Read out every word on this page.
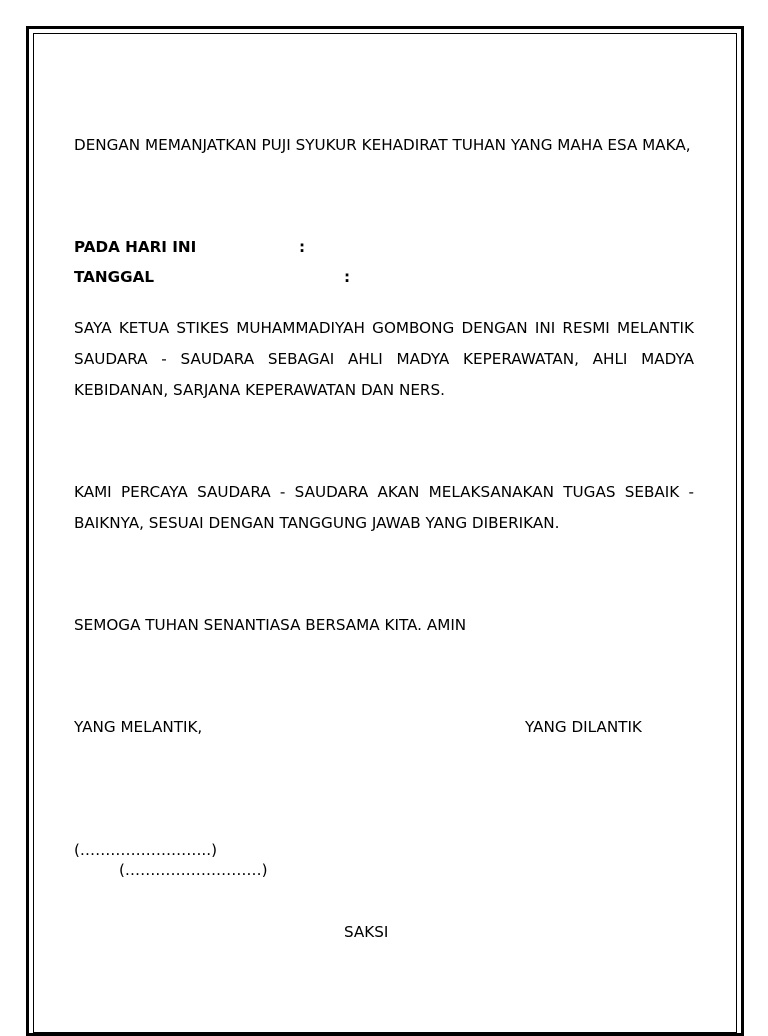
DENGAN MEMANJATKAN PUJI SYUKUR KEHADIRAT TUHAN YANG MAHA ESA MAKA,

PADA HARI INI	:
TANGGAL	:

SAYA KETUA STIKES MUHAMMADIYAH GOMBONG DENGAN INI RESMI MELANTIK SAUDARA - SAUDARA SEBAGAI AHLI MADYA KEPERAWATAN, AHLI MADYA KEBIDANAN, SARJANA KEPERAWATAN DAN NERS.

KAMI PERCAYA SAUDARA - SAUDARA AKAN MELAKSANAKAN TUGAS SEBAIK - BAIKNYA, SESUAI DENGAN TANGGUNG JAWAB YANG DIBERIKAN.

SEMOGA TUHAN SENANTIASA BERSAMA KITA. AMIN

YANG MELANTIK,	YANG DILANTIK
(……………………..)
(………………………)
SAKSI
